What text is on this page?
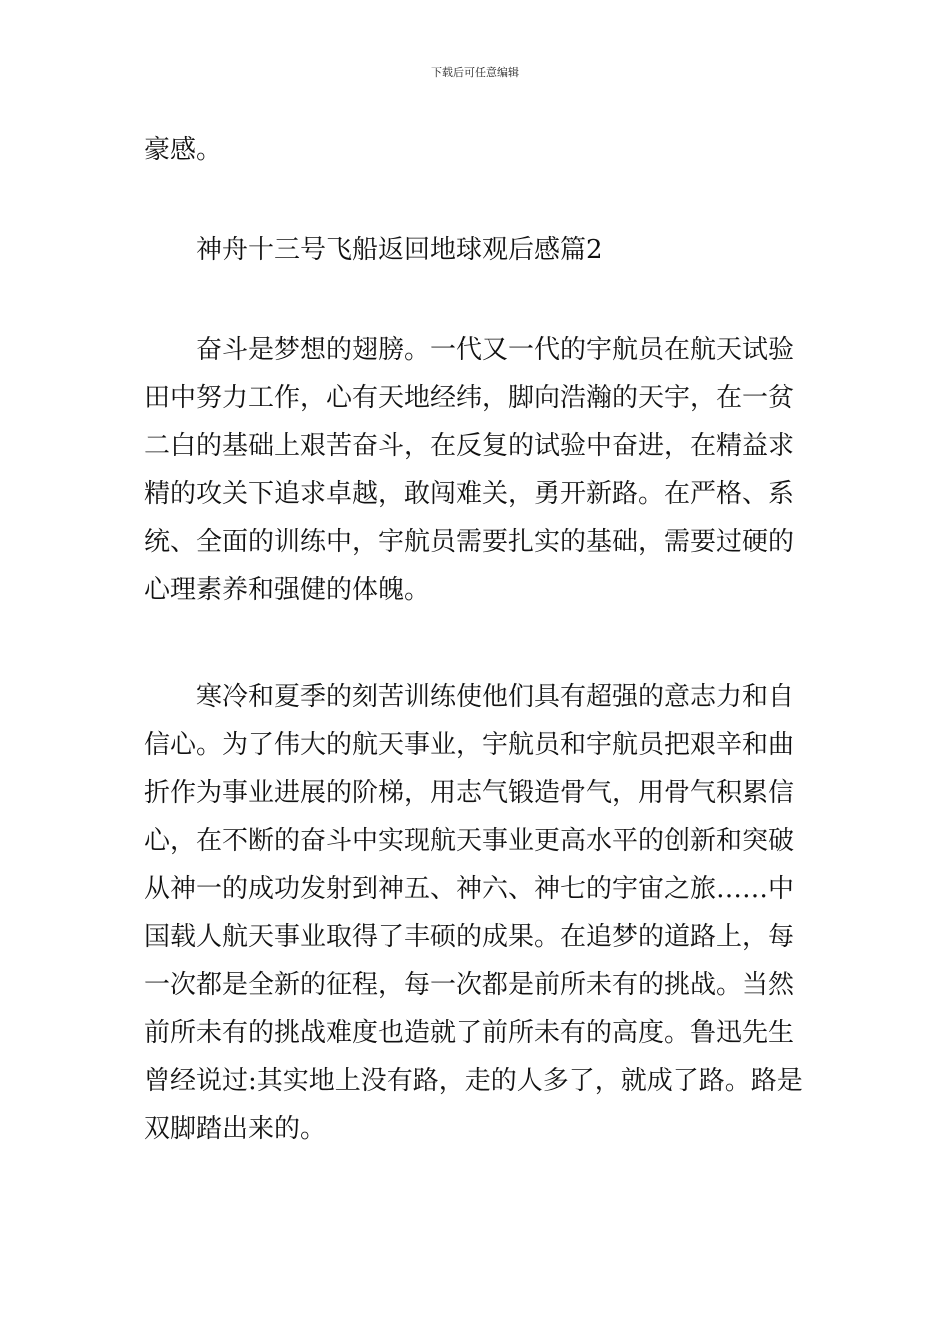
下载后可任意编辑

豪感。

神舟十三号飞船返回地球观后感篇2

奋斗是梦想的翅膀。一代又一代的宇航员在航天试验
田中努力工作，心有天地经纬，脚向浩瀚的天宇，在一贫
二白的基础上艰苦奋斗，在反复的试验中奋进，在精益求
精的攻关下追求卓越，敢闯难关，勇开新路。在严格、系
统、全面的训练中，宇航员需要扎实的基础，需要过硬的
心理素养和强健的体魄。

寒冷和夏季的刻苦训练使他们具有超强的意志力和自
信心。为了伟大的航天事业，宇航员和宇航员把艰辛和曲
折作为事业进展的阶梯，用志气锻造骨气，用骨气积累信
心，在不断的奋斗中实现航天事业更高水平的创新和突破
从神一的成功发射到神五、神六、神七的宇宙之旅……中
国载人航天事业取得了丰硕的成果。在追梦的道路上，每
一次都是全新的征程，每一次都是前所未有的挑战。当然
前所未有的挑战难度也造就了前所未有的高度。鲁迅先生
曾经说过:其实地上没有路，走的人多了，就成了路。路是
双脚踏出来的。
